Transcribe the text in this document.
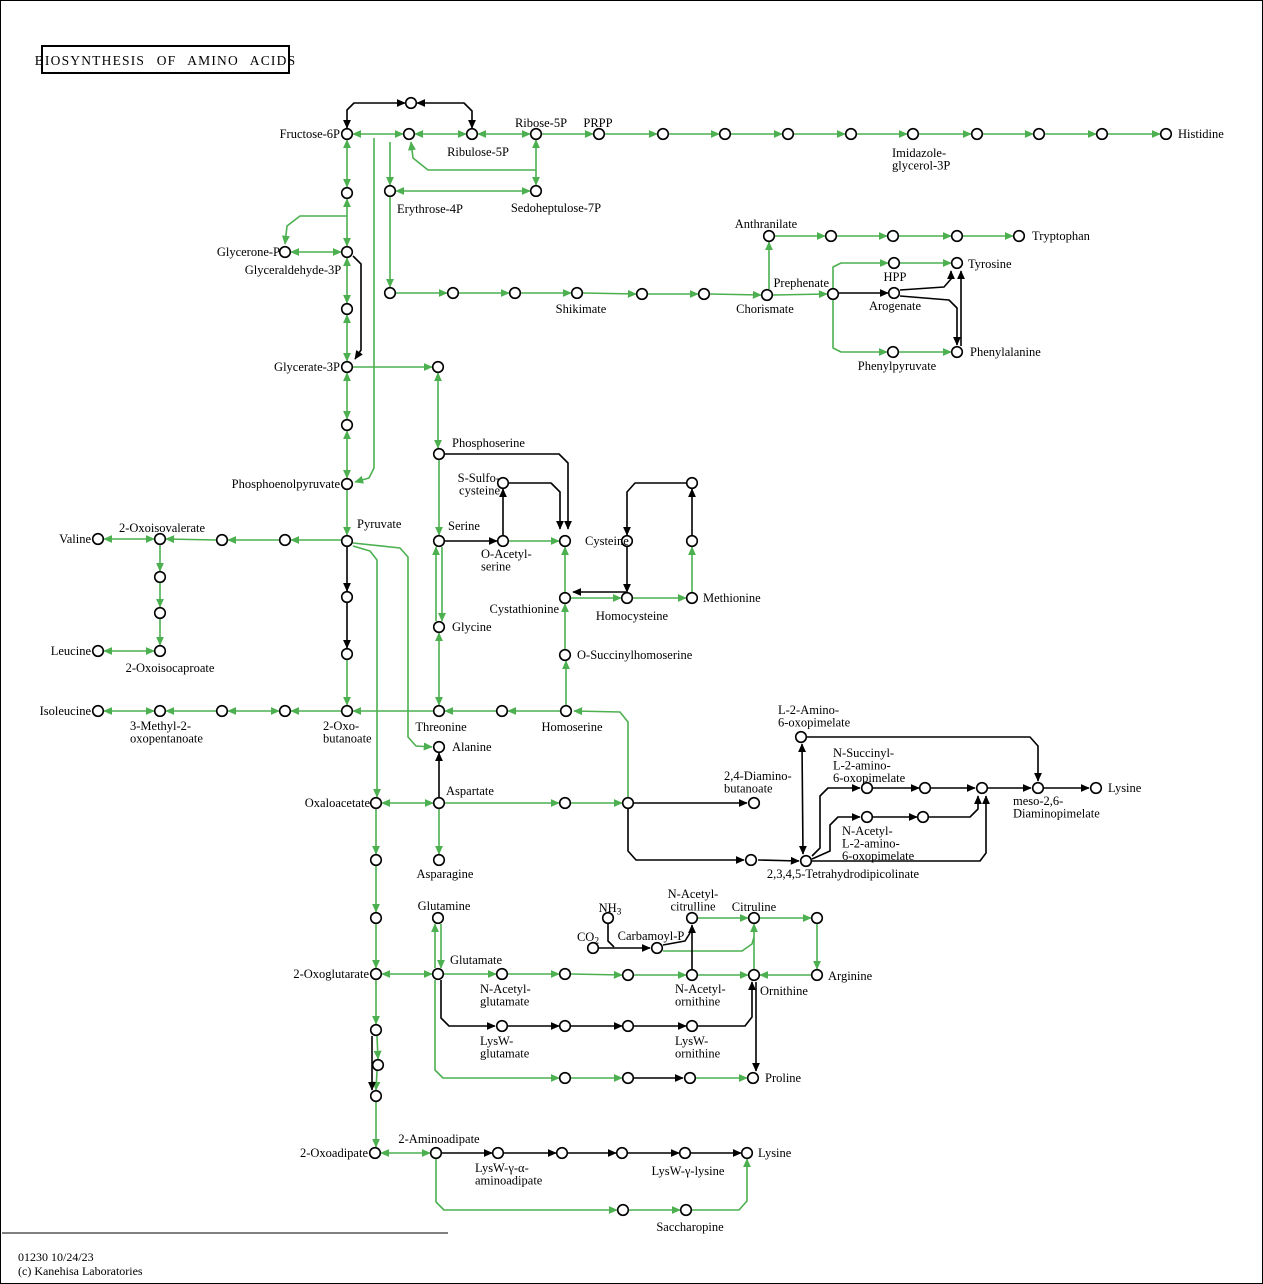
BIOSYNTHESIS OF AMINO ACIDS
Fructose-6P
Ribulose-5P
Ribose-5P PRPP
Imidazole-glycerol-3P
Histidine
Erythrose-4P	Sedoheptulose-7P
Glycerone-P
Glyceraldehyde-3P
Glycerate-3P
Phosphoenolpyruvate
Pyruvate	Serine
Phosphoserine
S-Sulfo-cysteine
O-Acetyl-serine
Cysteine
Cystathionine	Homocysteine
Methionine
O-Succinylhomoserine
Glycine
Shikimate	Chorismate
Anthranilate
Tryptophan
Prephenate	HPP
Tyrosine
Arogenate
Phenylpyruvate
Phenylalanine
Valine
2-Oxoisovalerate
Leucine
2-Oxoisocaproate
Isoleucine
3-Methyl-2-oxopentanoate
2-Oxo-butanoate
Threonine	Homoserine
Alanine
Oxaloacetate
Aspartate
Asparagine
Glutamine
Glutamate
2-Oxoglutarate
2,4-Diamino-butanoate
L-2-Amino-6-oxopimelate
N-Succinyl-L-2-amino-6-oxopimelate
N-Acetyl-L-2-amino-6-oxopimelate
2,3,4,5-Tetrahydrodipicolinate
meso-2,6-Diaminopimelate
Lysine
$NH_3$
$CO_2$ Carbamoyl-P
N-Acetyl-citrulline Citruline
Ornithine
Arginine
N-Acetyl-glutamate
N-Acetyl-ornithine
LysW-glutamate
LysW-ornithine
Proline
2-Oxoadipate
2-Aminoadipate
LysW-γ-α-aminoadipate
LysW-γ-lysine
Saccharopine
Lysine
01230 10/24/23
(c) Kanehisa Laboratories
